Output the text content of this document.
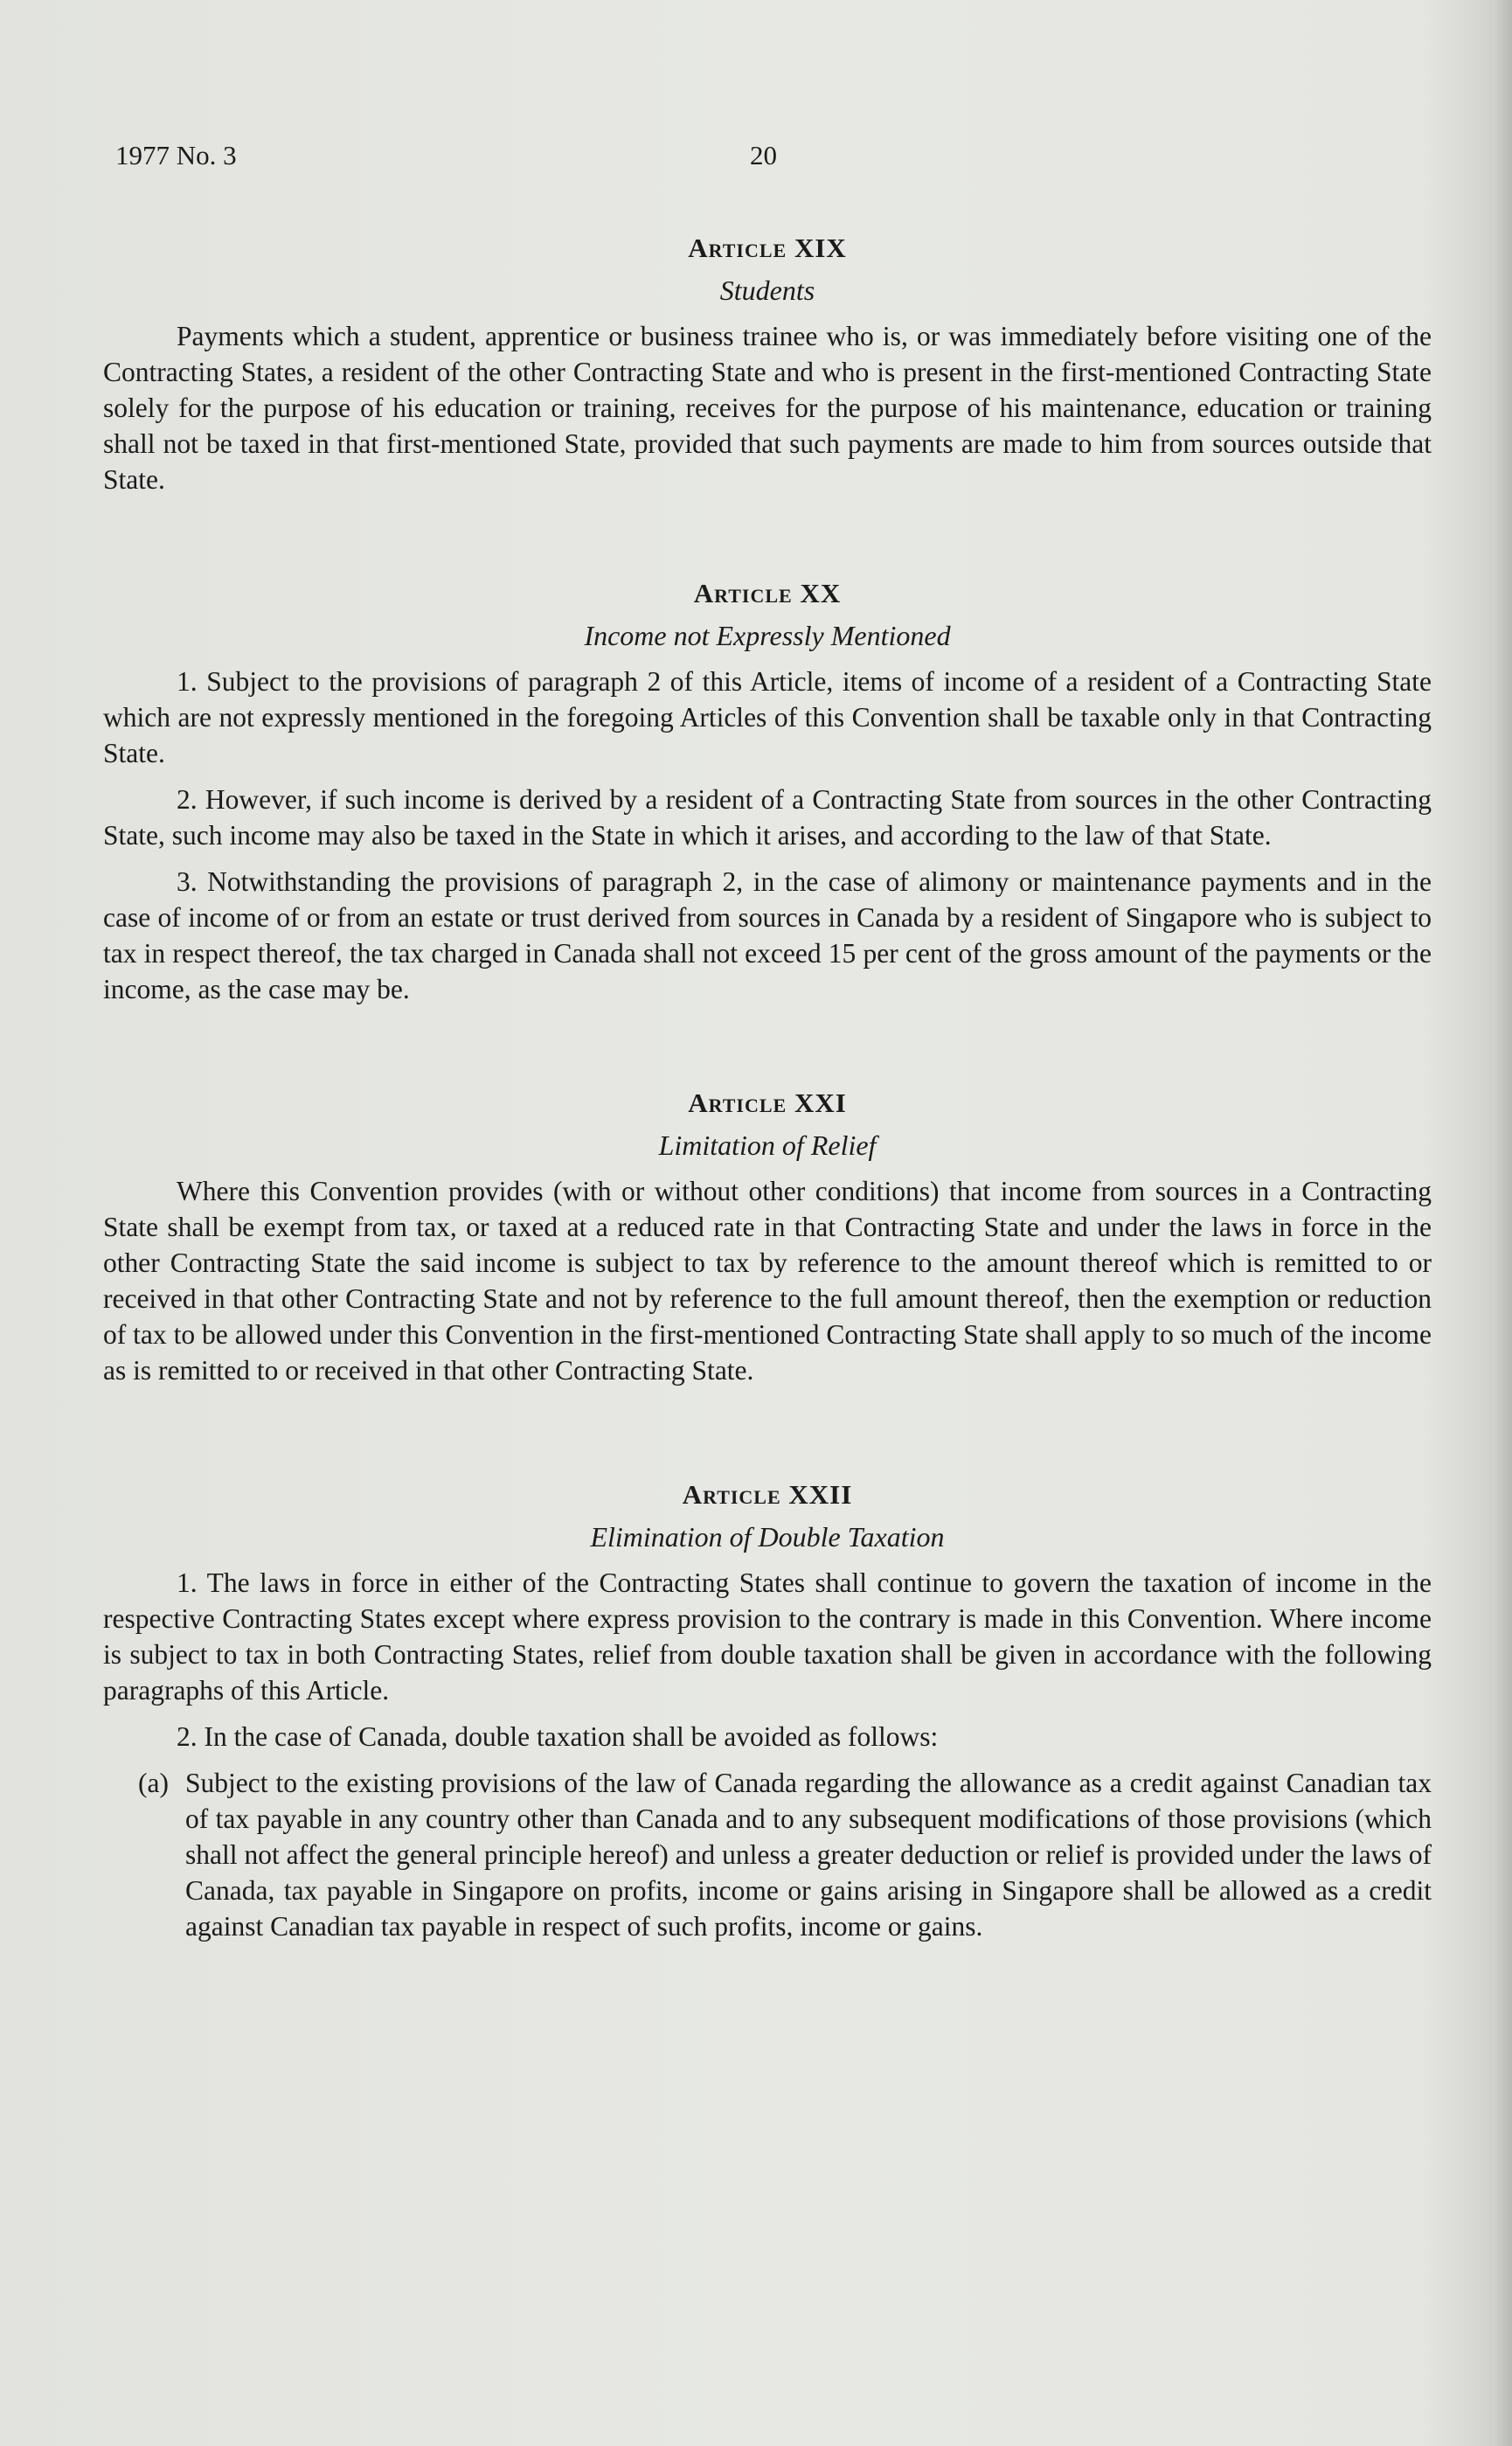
1977 No. 3	20
Article XIX
Students

Payments which a student, apprentice or business trainee who is, or was immediately before visiting one of the Contracting States, a resident of the other Contracting State and who is present in the first-mentioned Contracting State solely for the purpose of his education or training, receives for the purpose of his maintenance, education or training shall not be taxed in that first-mentioned State, provided that such payments are made to him from sources outside that State.

Article XX
Income not Expressly Mentioned

1. Subject to the provisions of paragraph 2 of this Article, items of income of a resident of a Contracting State which are not expressly mentioned in the foregoing Articles of this Convention shall be taxable only in that Contracting State.

2. However, if such income is derived by a resident of a Contracting State from sources in the other Contracting State, such income may also be taxed in the State in which it arises, and according to the law of that State.

3. Notwithstanding the provisions of paragraph 2, in the case of alimony or maintenance payments and in the case of income of or from an estate or trust derived from sources in Canada by a resident of Singapore who is subject to tax in respect thereof, the tax charged in Canada shall not exceed 15 per cent of the gross amount of the payments or the income, as the case may be.

Article XXI
Limitation of Relief

Where this Convention provides (with or without other conditions) that income from sources in a Contracting State shall be exempt from tax, or taxed at a reduced rate in that Contracting State and under the laws in force in the other Contracting State the said income is subject to tax by reference to the amount thereof which is remitted to or received in that other Contracting State and not by reference to the full amount thereof, then the exemption or reduction of tax to be allowed under this Convention in the first-mentioned Contracting State shall apply to so much of the income as is remitted to or received in that other Contracting State.

Article XXII
Elimination of Double Taxation

1. The laws in force in either of the Contracting States shall continue to govern the taxation of income in the respective Contracting States except where express provision to the contrary is made in this Convention. Where income is subject to tax in both Contracting States, relief from double taxation shall be given in accordance with the following paragraphs of this Article.

2. In the case of Canada, double taxation shall be avoided as follows:

(a) Subject to the existing provisions of the law of Canada regarding the allowance as a credit against Canadian tax of tax payable in any country other than Canada and to any subsequent modifications of those provisions (which shall not affect the general principle hereof) and unless a greater deduction or relief is provided under the laws of Canada, tax payable in Singapore on profits, income or gains arising in Singapore shall be allowed as a credit against Canadian tax payable in respect of such profits, income or gains.
